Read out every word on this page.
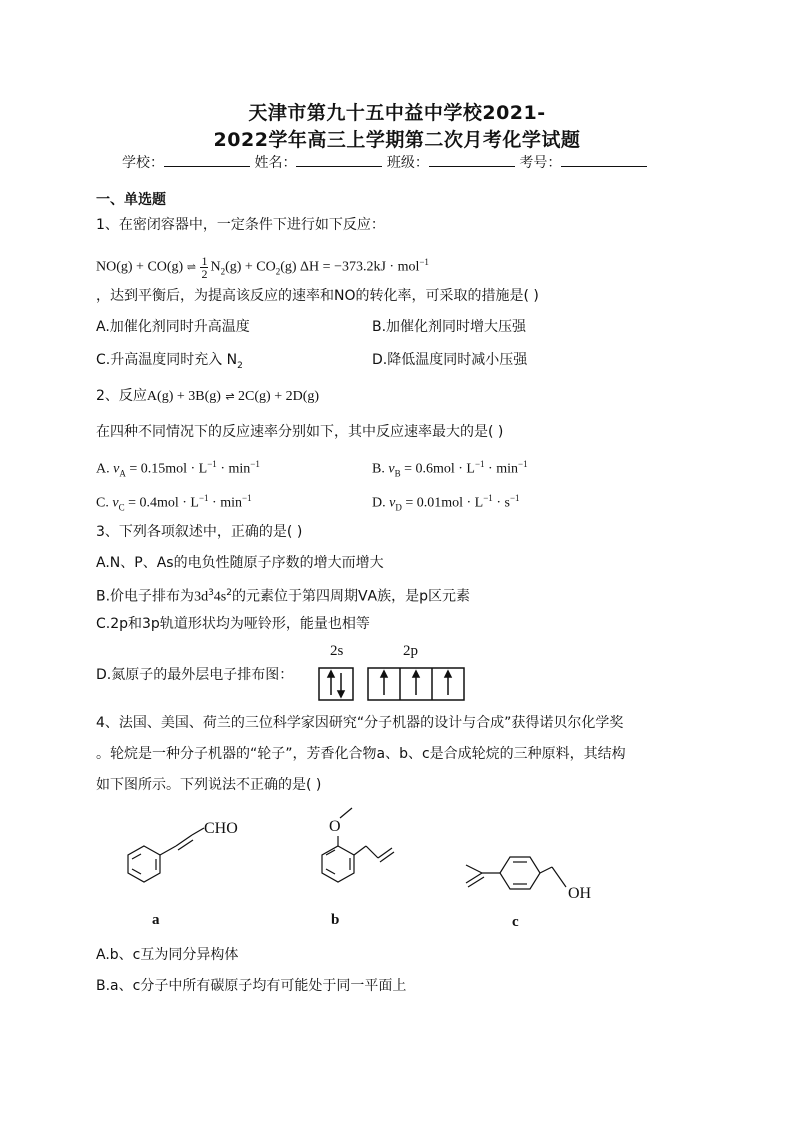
天津市第九十五中益中学校2021-
2022学年高三上学期第二次月考化学试题
学校：	姓名：	班级：	考号：
一、单选题
1、在密闭容器中，一定条件下进行如下反应：
NO(g) + CO(g) ⇌ $\frac{1}{2} N_2(g) + CO_2(g) \Delta H = -373.2kJ \cdot mol^{-1}$
，达到平衡后，为提高该反应的速率和NO的转化率，可采取的措施是( )
A.加催化剂同时升高温度	B.加催化剂同时增大压强
C.升高温度同时充入 $N_2$	D.降低温度同时减小压强
2、反应A(g) + 3B(g) ⇌ 2C(g) + 2D(g)
在四种不同情况下的反应速率分别如下，其中反应速率最大的是( )
A. $\nu_A = 0.15mol \cdot L^{-1} \cdot \min^{-1}$	B. $\nu_B = 0.6mol \cdot L^{-1} \cdot \min^{-1}$
C. $\nu_C = 0.4mol \cdot L^{-1} \cdot \min^{-1}$	D. $\nu_D = 0.01mol \cdot L^{-1} \cdot s^{-1}$
3、下列各项叙述中，正确的是( )
A.N、P、As的电负性随原子序数的增大而增大
B.价电子排布为$3d^34s^2$的元素位于第四周期ⅤA族，是p区元素
C.2p和3p轨道形状均为哑铃形，能量也相等
D.氮原子的最外层电子排布图：
2s	2p
4、法国、美国、荷兰的三位科学家因研究“分子机器的设计与合成”获得诺贝尔化学奖
。轮烷是一种分子机器的“轮子”，芳香化合物a、b、c是合成轮烷的三种原料，其结构
如下图所示。下列说法不正确的是( )
CHO
a
O
b
OH
c
A.b、c互为同分异构体
B.a、c分子中所有碳原子均有可能处于同一平面上
